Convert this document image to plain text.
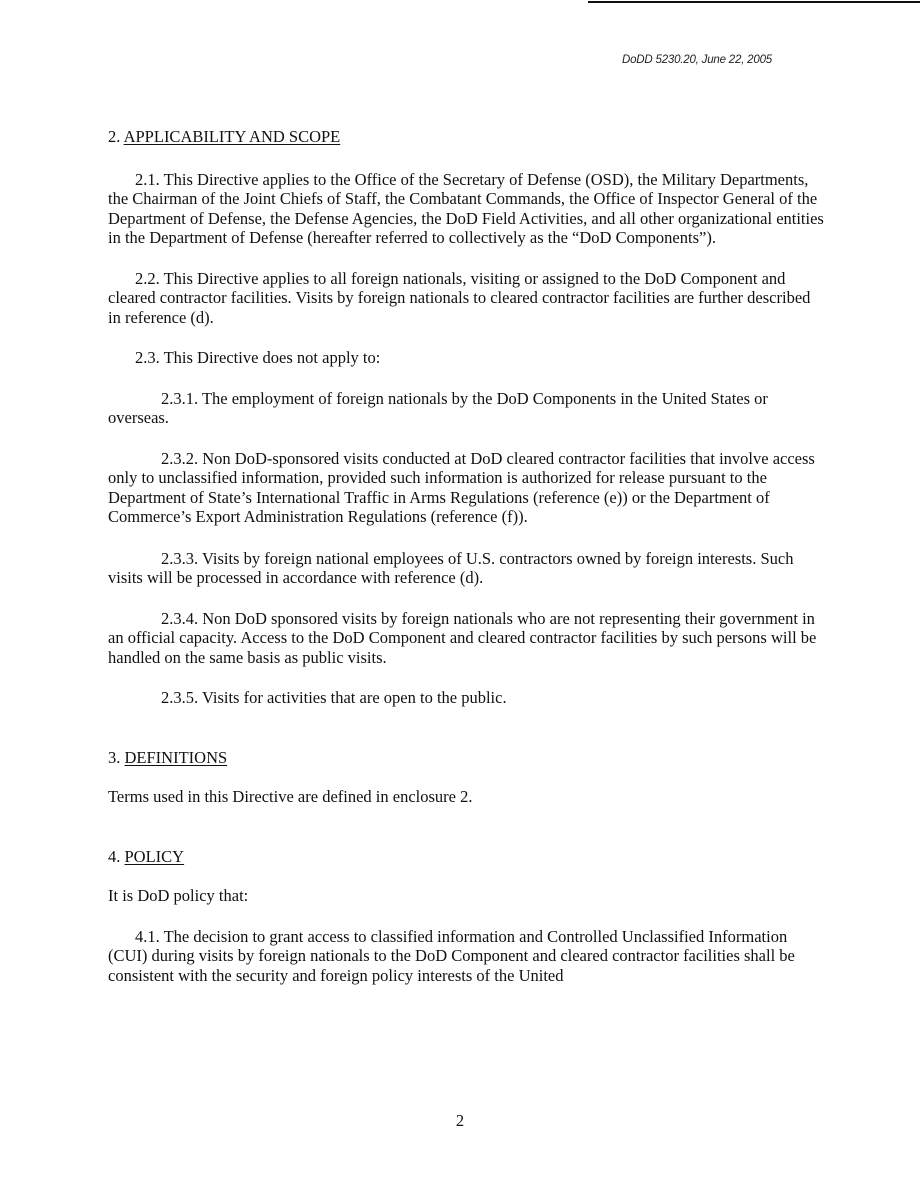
DoDD 5230.20, June 22, 2005
2. APPLICABILITY AND SCOPE

2.1. This Directive applies to the Office of the Secretary of Defense (OSD), the Military Departments, the Chairman of the Joint Chiefs of Staff, the Combatant Commands, the Office of Inspector General of the Department of Defense, the Defense Agencies, the DoD Field Activities, and all other organizational entities in the Department of Defense (hereafter referred to collectively as the “DoD Components”).

2.2. This Directive applies to all foreign nationals, visiting or assigned to the DoD Component and cleared contractor facilities. Visits by foreign nationals to cleared contractor facilities are further described in reference (d).

2.3. This Directive does not apply to:

2.3.1. The employment of foreign nationals by the DoD Components in the United States or overseas.

2.3.2. Non DoD-sponsored visits conducted at DoD cleared contractor facilities that involve access only to unclassified information, provided such information is authorized for release pursuant to the Department of State’s International Traffic in Arms Regulations (reference (e)) or the Department of Commerce’s Export Administration Regulations (reference (f)).

2.3.3. Visits by foreign national employees of U.S. contractors owned by foreign interests. Such visits will be processed in accordance with reference (d).

2.3.4. Non DoD sponsored visits by foreign nationals who are not representing their government in an official capacity. Access to the DoD Component and cleared contractor facilities by such persons will be handled on the same basis as public visits.

2.3.5. Visits for activities that are open to the public.

3. DEFINITIONS

Terms used in this Directive are defined in enclosure 2.

4. POLICY

It is DoD policy that:

4.1. The decision to grant access to classified information and Controlled Unclassified Information (CUI) during visits by foreign nationals to the DoD Component and cleared contractor facilities shall be consistent with the security and foreign policy interests of the United

2
